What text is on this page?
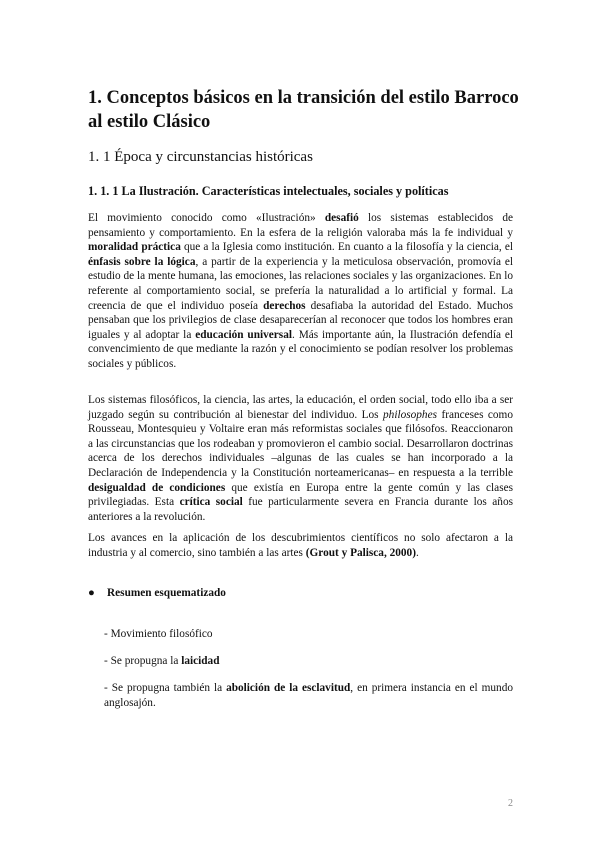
1. Conceptos básicos en la transición del estilo Barroco al estilo Clásico
1. 1 Época y circunstancias históricas
1. 1. 1 La Ilustración. Características intelectuales, sociales y políticas

El movimiento conocido como «Ilustración» desafió los sistemas establecidos de pensamiento y comportamiento. En la esfera de la religión valoraba más la fe individual y moralidad práctica que a la Iglesia como institución. En cuanto a la filosofía y la ciencia, el énfasis sobre la lógica, a partir de la experiencia y la meticulosa observación, promovía el estudio de la mente humana, las emociones, las relaciones sociales y las organizaciones. En lo referente al comportamiento social, se prefería la naturalidad a lo artificial y formal. La creencia de que el individuo poseía derechos desafiaba la autoridad del Estado. Muchos pensaban que los privilegios de clase desaparecerían al reconocer que todos los hombres eran iguales y al adoptar la educación universal. Más importante aún, la Ilustración defendía el convencimiento de que mediante la razón y el conocimiento se podían resolver los problemas sociales y públicos.

Los sistemas filosóficos, la ciencia, las artes, la educación, el orden social, todo ello iba a ser juzgado según su contribución al bienestar del individuo. Los philosophes franceses como Rousseau, Montesquieu y Voltaire eran más reformistas sociales que filósofos. Reaccionaron a las circunstancias que los rodeaban y promovieron el cambio social. Desarrollaron doctrinas acerca de los derechos individuales –algunas de las cuales se han incorporado a la Declaración de Independencia y la Constitución norteamericanas– en respuesta a la terrible desigualdad de condiciones que existía en Europa entre la gente común y las clases privilegiadas. Esta crítica social fue particularmente severa en Francia durante los años anteriores a la revolución.

Los avances en la aplicación de los descubrimientos científicos no solo afectaron a la industria y al comercio, sino también a las artes (Grout y Palisca, 2000).

● Resumen esquematizado

- Movimiento filosófico

- Se propugna la laicidad

- Se propugna también la abolición de la esclavitud, en primera instancia en el mundo anglosajón.

2
